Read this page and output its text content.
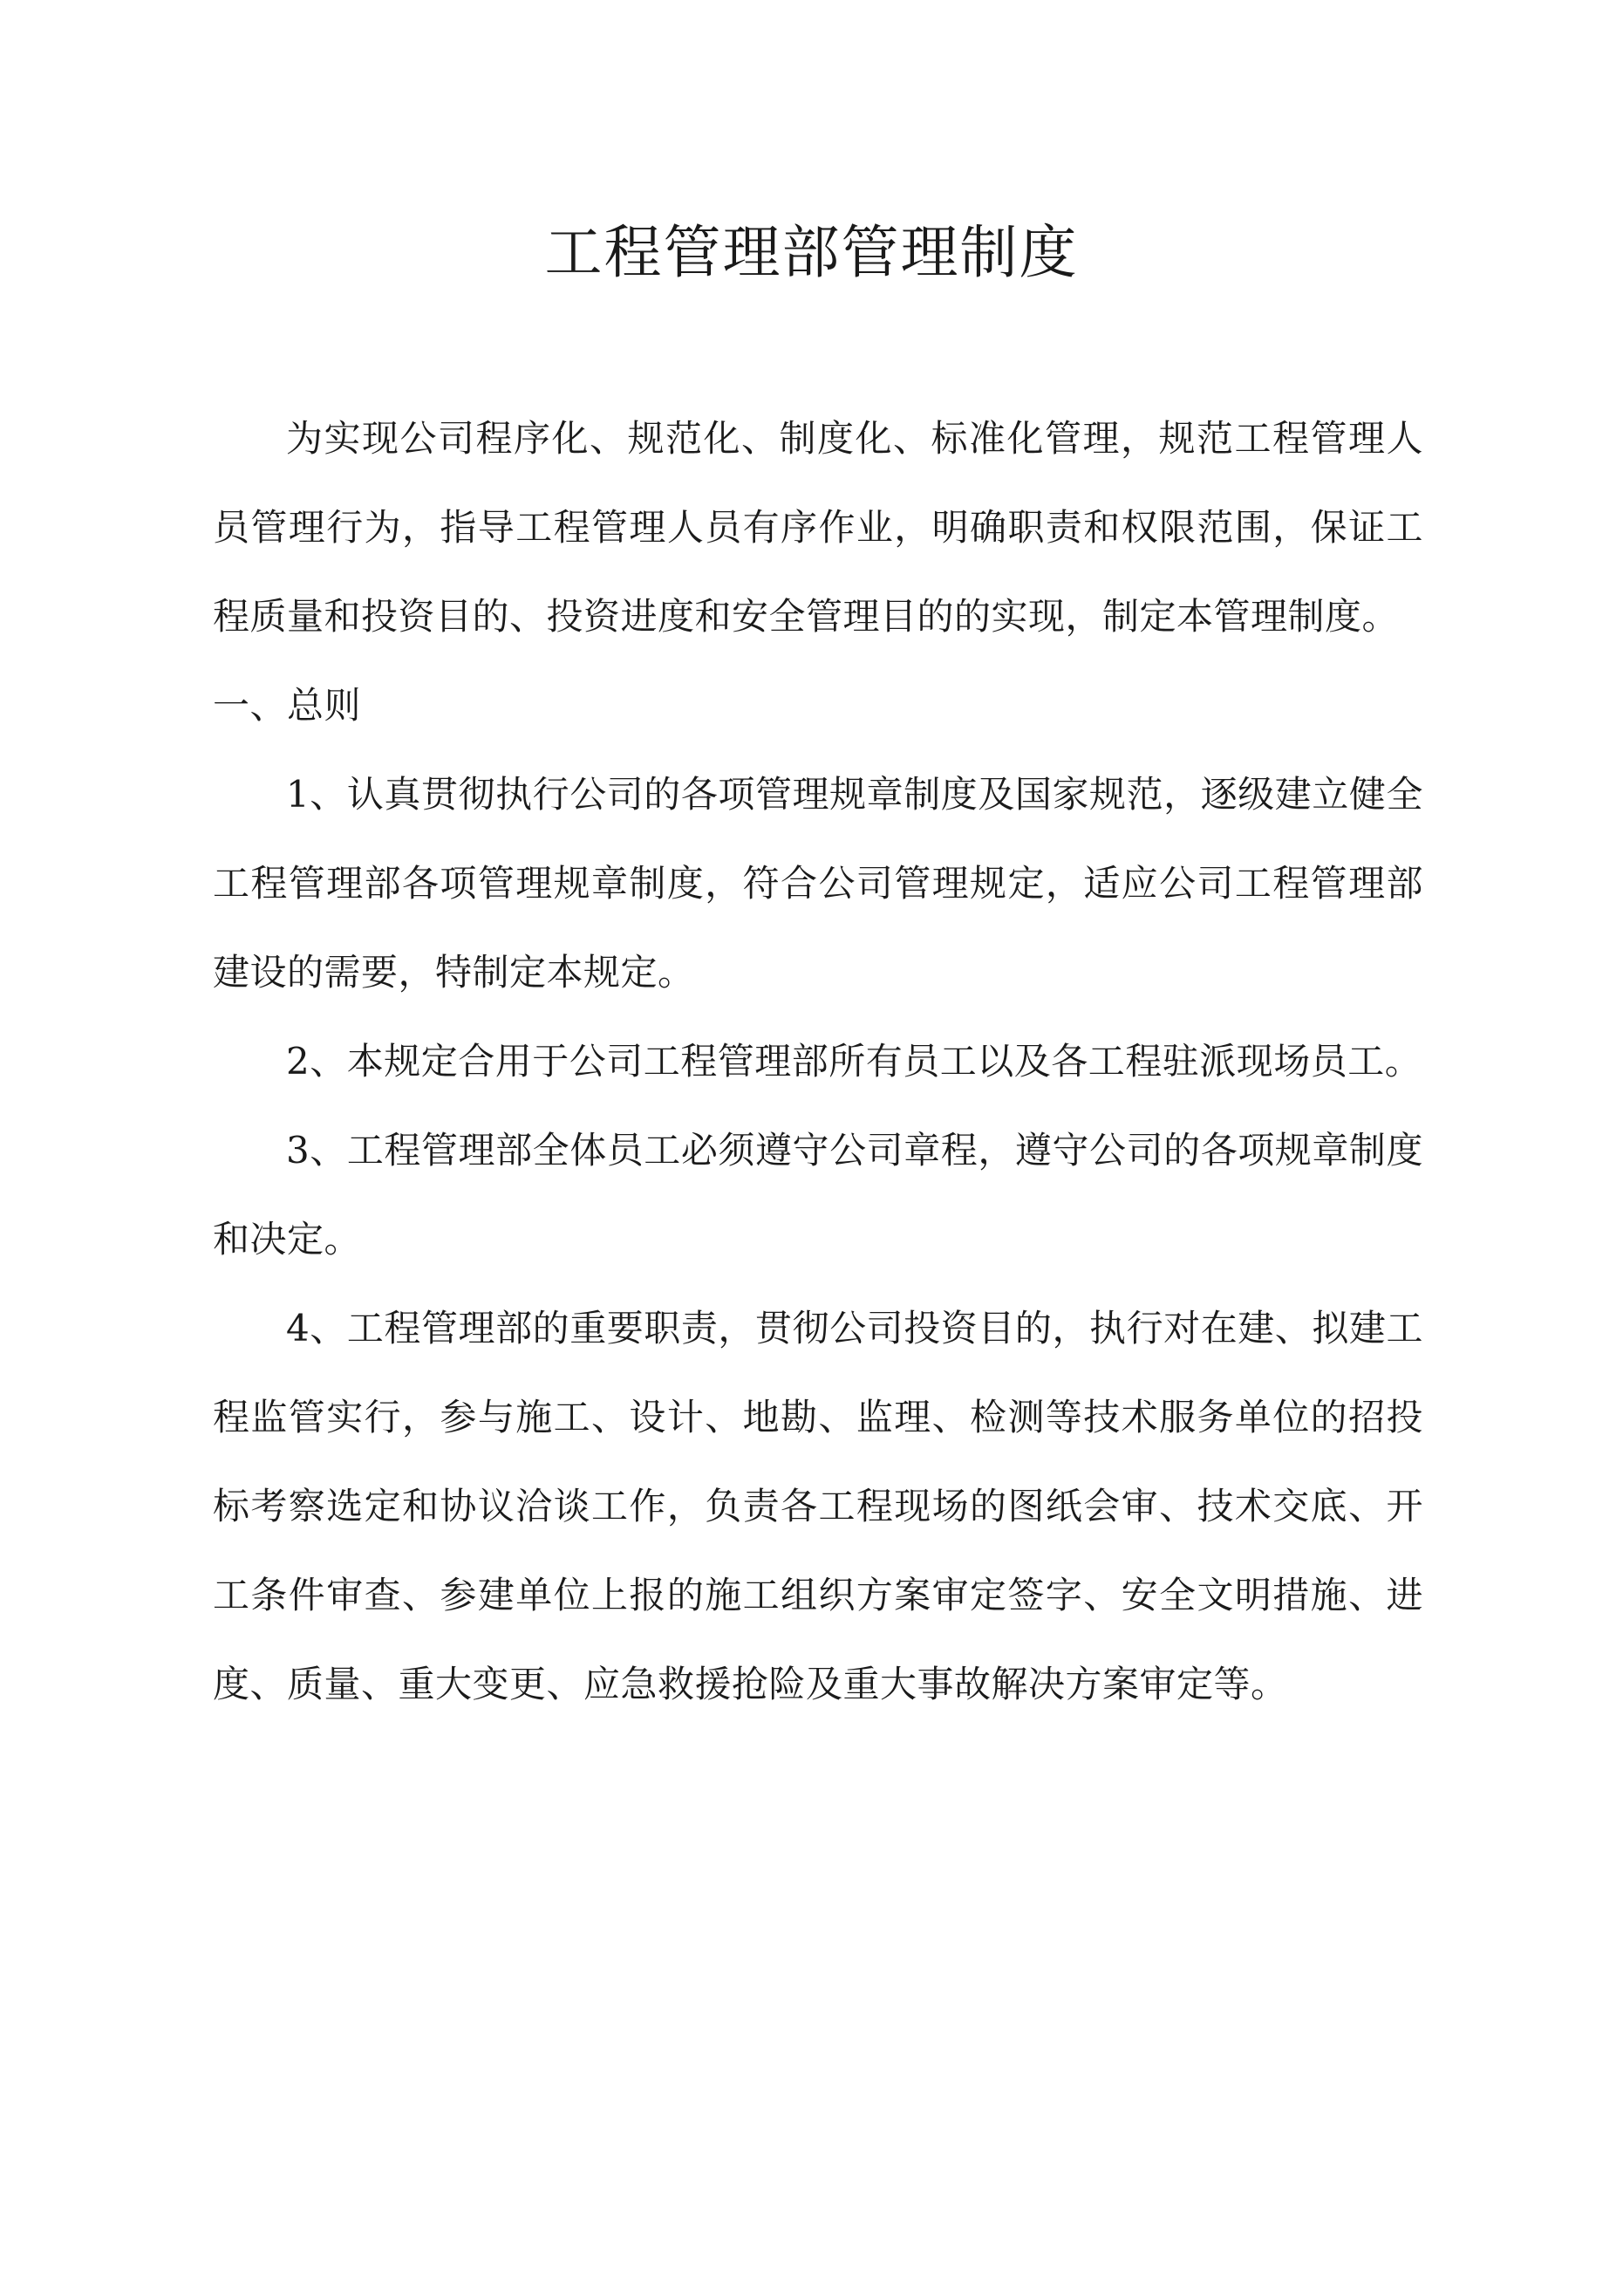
工程管理部管理制度

为实现公司程序化、规范化、制度化、标准化管理，规范工程管理人员管理行为，指导工程管理人员有序作业，明确职责和权限范围，保证工程质量和投资目的、投资进度和安全管理目的的实现，制定本管理制度。

一、总则

1、认真贯彻执行公司的各项管理规章制度及国家规范，逐级建立健全工程管理部各项管理规章制度，符合公司管理规定，适应公司工程管理部建设的需要，特制定本规定。

2、本规定合用于公司工程管理部所有员工以及各工程驻派现场员工。

3、工程管理部全体员工必须遵守公司章程，遵守公司的各项规章制度和决定。

4、工程管理部的重要职责，贯彻公司投资目的，执行对在建、拟建工程监管实行，参与施工、设计、地勘、监理、检测等技术服务单位的招投标考察选定和协议洽谈工作，负责各工程现场的图纸会审、技术交底、开工条件审查、参建单位上报的施工组织方案审定签字、安全文明措施、进度、质量、重大变更、应急救援抢险及重大事故解决方案审定等。
